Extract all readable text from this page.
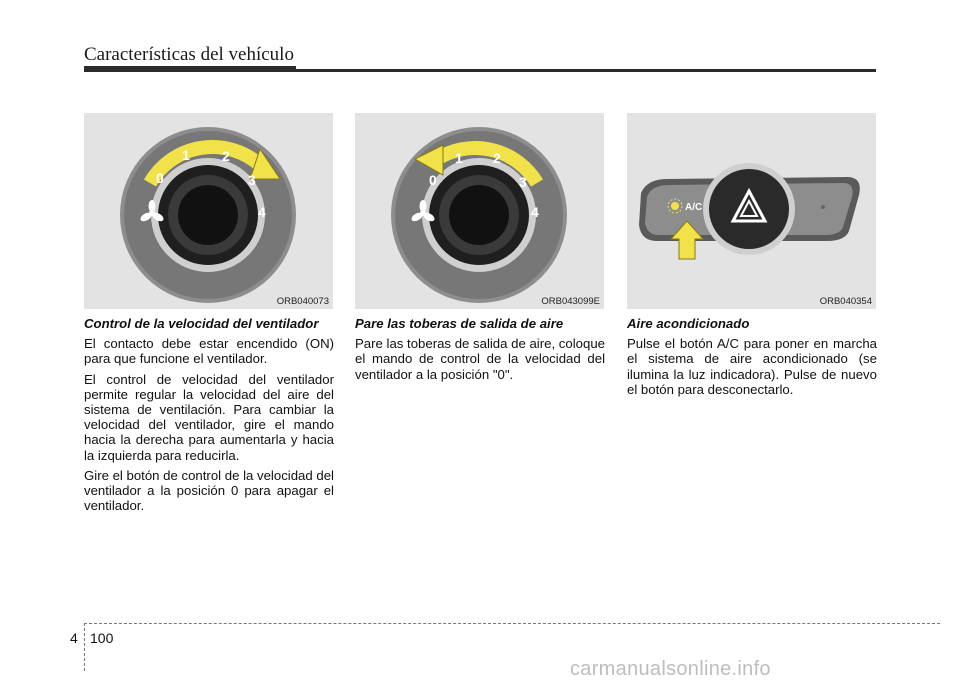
Características del vehículo
0
1 2
3
4
ORB040073
0
1 2
3
4
ORB043099E
A/C
ORB040354
Control de la velocidad del ventilador

El contacto debe estar encendido (ON) para que funcione el ventilador.

El control de velocidad del ventilador permite regular la velocidad del aire del sistema de ventilación. Para cambiar la velocidad del ventilador, gire el mando hacia la derecha para aumentarla y hacia la izquierda para reducirla.

Gire el botón de control de la velocidad del ventilador a la posición 0 para apagar el ventilador.

Pare las toberas de salida de aire

Pare las toberas de salida de aire, coloque el mando de control de la velocidad del ventilador a la posición "0".

Aire acondicionado

Pulse el botón A/C para poner en marcha el sistema de aire acondicionado (se ilumina la luz indicadora). Pulse de nuevo el botón para desconectarlo.

4 100
carmanualsonline.info
